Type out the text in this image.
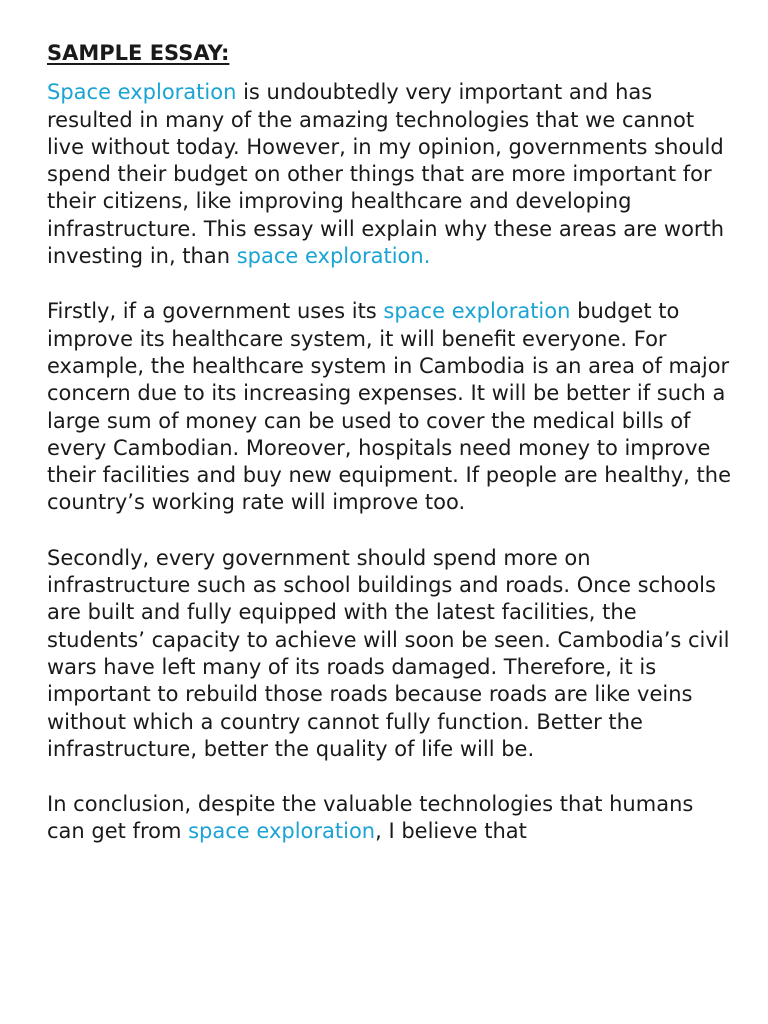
SAMPLE ESSAY:

Space exploration is undoubtedly very important and has resulted in many of the amazing technologies that we cannot live without today. However, in my opinion, governments should spend their budget on other things that are more important for their citizens, like improving healthcare and developing infrastructure. This essay will explain why these areas are worth investing in, than space exploration.

Firstly, if a government uses its space exploration budget to improve its healthcare system, it will benefit everyone. For example, the healthcare system in Cambodia is an area of major concern due to its increasing expenses. It will be better if such a large sum of money can be used to cover the medical bills of every Cambodian. Moreover, hospitals need money to improve their facilities and buy new equipment. If people are healthy, the country’s working rate will improve too.

Secondly, every government should spend more on infrastructure such as school buildings and roads. Once schools are built and fully equipped with the latest facilities, the students’ capacity to achieve will soon be seen. Cambodia’s civil wars have left many of its roads damaged. Therefore, it is important to rebuild those roads because roads are like veins without which a country cannot fully function. Better the infrastructure, better the quality of life will be.

In conclusion, despite the valuable technologies that humans can get from space exploration, I believe that
